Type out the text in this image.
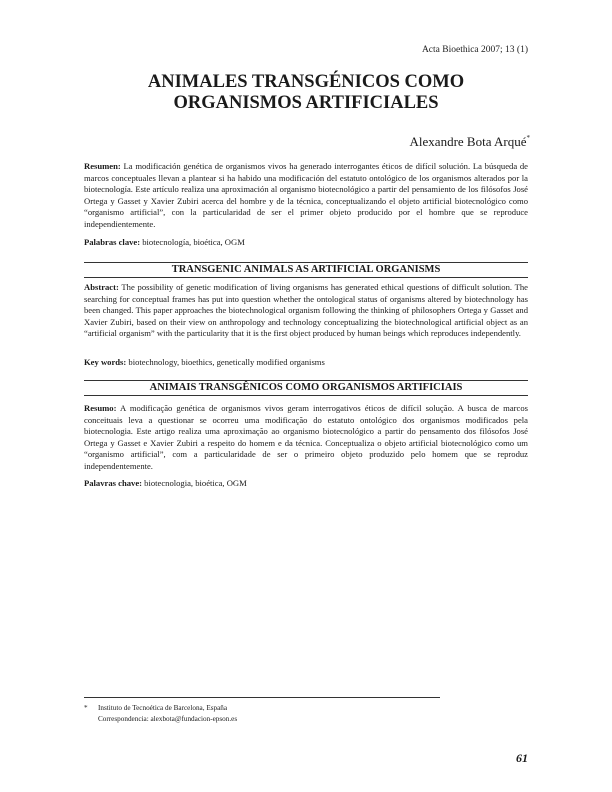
Acta Bioethica 2007; 13 (1)
ANIMALES TRANSGÉNICOS COMO ORGANISMOS ARTIFICIALES
Alexandre Bota Arqué*
Resumen: La modificación genética de organismos vivos ha generado interrogantes éticos de difícil solución. La búsqueda de marcos conceptuales llevan a plantear si ha habido una modificación del estatuto ontológico de los organismos alterados por la biotecnología. Este artículo realiza una aproximación al organismo biotecnológico a partir del pensamiento de los filósofos José Ortega y Gasset y Xavier Zubiri acerca del hombre y de la técnica, conceptualizando el objeto artificial biotecnológico como “organismo artificial”, con la particularidad de ser el primer objeto producido por el hombre que se reproduce independientemente.
Palabras clave: biotecnología, bioética, OGM
TRANSGENIC ANIMALS AS ARTIFICIAL ORGANISMS
Abstract: The possibility of genetic modification of living organisms has generated ethical questions of difficult solution. The searching for conceptual frames has put into question whether the ontological status of organisms altered by biotechnology has been changed. This paper approaches the biotechnological organism following the thinking of philosophers Ortega y Gasset and Xavier Zubiri, based on their view on anthropology and technology conceptualizing the biotechnological artificial object as an “artificial organism” with the particularity that it is the first object produced by human beings which reproduces independently.
Key words: biotechnology, bioethics, genetically modified organisms
ANIMAIS TRANSGÊNICOS COMO ORGANISMOS ARTIFICIAIS
Resumo: A modificação genética de organismos vivos geram interrogativos éticos de difícil solução. A busca de marcos conceituais leva a questionar se ocorreu uma modificação do estatuto ontológico dos organismos modificados pela biotecnologia. Este artigo realiza uma aproximação ao organismo biotecnológico a partir do pensamento dos filósofos José Ortega y Gasset e Xavier Zubiri a respeito do homem e da técnica. Conceptualiza o objeto artificial biotecnológico como um “organismo artificial”, com a particularidade de ser o primeiro objeto produzido pelo homem que se reproduz independentemente.
Palavras chave: biotecnologia, bioética, OGM
* Instituto de Tecnoética de Barcelona, España
Correspondencia: alexbota@fundacion-epson.es
61
